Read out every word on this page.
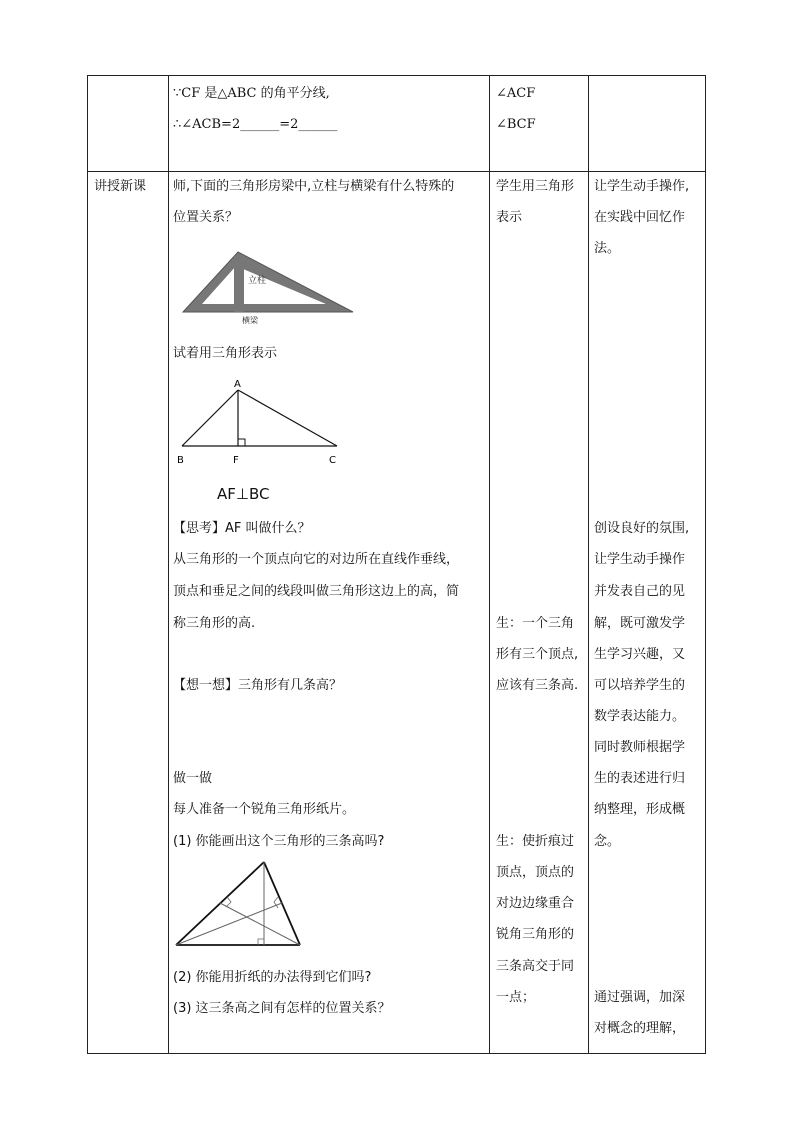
∵CF 是△ABC 的角平分线,
∴∠ACB=2______=2______
∠ACF
∠BCF
讲授新课 师,下面的三角形房梁中,立柱与横梁有什么特殊的
位置关系？
立柱
横梁
试着用三角形表示
A
B	F	C
AF⊥BC
【思考】AF 叫做什么？
从三角形的一个顶点向它的对边所在直线作垂线，
顶点和垂足之间的线段叫做三角形这边上的高，简
称三角形的高.
【想一想】三角形有几条高？
做一做
每人准备一个锐角三角形纸片。
(1) 你能画出这个三角形的三条高吗?
(2) 你能用折纸的办法得到它们吗?
(3) 这三条高之间有怎样的位置关系？
学生用三角形
表示
生：一个三角
形有三个顶点,
应该有三条高.
生：使折痕过
顶点，顶点的
对边边缘重合
锐角三角形的
三条高交于同
一点；
让学生动手操作,
在实践中回忆作
法。
创设良好的氛围,
让学生动手操作
并发表自己的见
解，既可激发学
生学习兴趣，又
可以培养学生的
数学表达能力。
同时教师根据学
生的表述进行归
纳整理，形成概
念。
通过强调，加深
对概念的理解，
